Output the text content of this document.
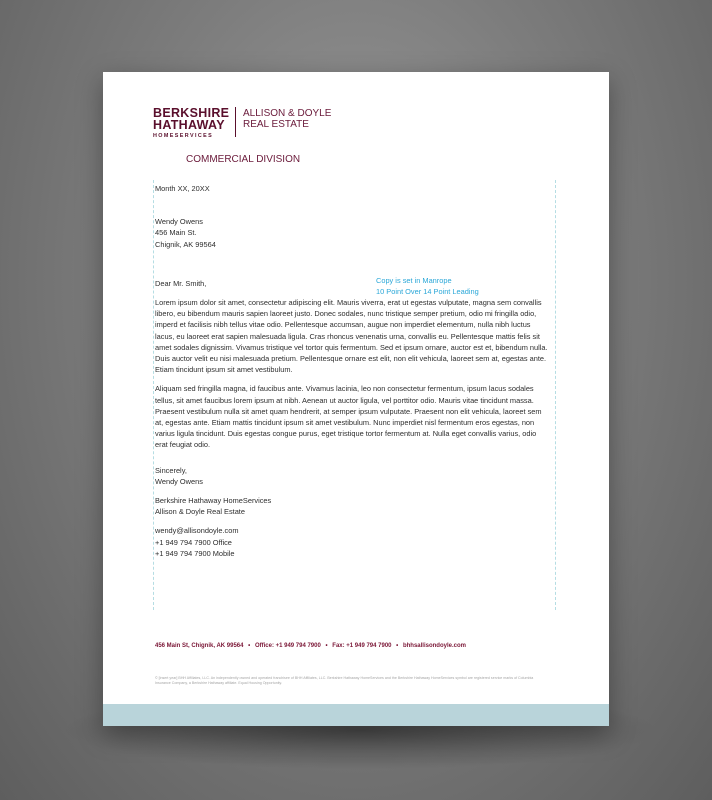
BERKSHIRE
HATHAWAY
HOMESERVICES
ALLISON & DOYLE
REAL ESTATE
COMMERCIAL DIVISION

Month XX, 20XX

Wendy Owens

456 Main St.

Chignik, AK 99564

Dear Mr. Smith,

Lorem ipsum dolor sit amet, consectetur adipiscing elit. Mauris viverra, erat ut egestas vulputate, magna sem convallis libero, eu bibendum mauris sapien laoreet justo. Donec sodales, nunc tristique semper pretium, odio mi fringilla odio, imperd et facilisis nibh tellus vitae odio. Pellentesque accumsan, augue non imperdiet elementum, nulla nibh luctus lacus, eu laoreet erat sapien malesuada ligula. Cras rhoncus venenatis urna, convallis eu. Pellentesque mattis felis sit amet sodales dignissim. Vivamus tristique vel tortor quis fermentum. Sed et ipsum ornare, auctor est et, bibendum nulla. Duis auctor velit eu nisi malesuada pretium. Pellentesque ornare est elit, non elit vehicula, laoreet sem at, egestas ante. Etiam tincidunt ipsum sit amet vestibulum.

Aliquam sed fringilla magna, id faucibus ante. Vivamus lacinia, leo non consectetur fermentum, ipsum lacus sodales tellus, sit amet faucibus lorem ipsum at nibh. Aenean ut auctor ligula, vel porttitor odio. Mauris vitae tincidunt massa. Praesent vestibulum nulla sit amet quam hendrerit, at semper ipsum vulputate. Praesent non elit vehicula, laoreet sem at, egestas ante. Etiam mattis tincidunt ipsum sit amet vestibulum. Nunc imperdiet nisl fermentum eros egestas, non varius ligula tincidunt. Duis egestas congue purus, eget tristique tortor fermentum at. Nulla eget convallis varius, odio erat feugiat odio.

Sincerely,

Wendy Owens

Berkshire Hathaway HomeServices

Allison & Doyle Real Estate

wendy@allisondoyle.com

+1 949 794 7900 Office

+1 949 794 7900 Mobile

Copy is set in Manrope
10 Point Over 14 Point Leading
456 Main St, Chignik, AK 99564 • Office: +1 949 794 7900 • Fax: +1 949 794 7900 • bhhsallisondoyle.com
© [insert year] BHH Affiliates, LLC. An independently owned and operated franchisee of BHH Affiliates, LLC. Berkshire Hathaway HomeServices and the Berkshire Hathaway HomeServices symbol are registered service marks of Columbia Insurance Company, a Berkshire Hathaway affiliate. Equal Housing Opportunity.
